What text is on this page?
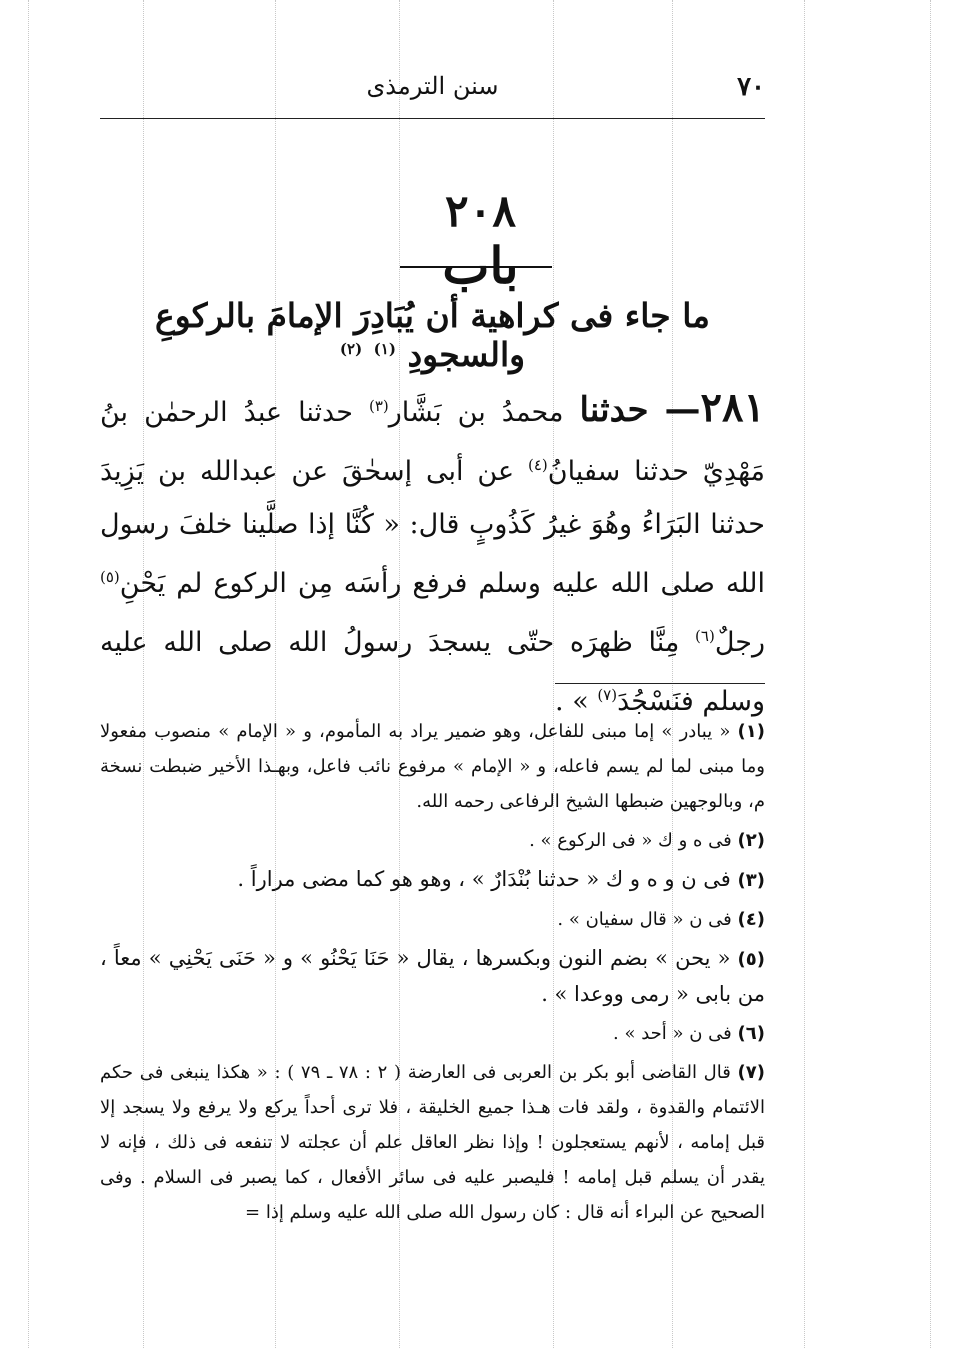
٧٠
سنن الترمذى
٢٠٨
باب
ما جاء فى كراهية أن يُبَادِرَ الإمامَ بالركوعِ والسجودِ $^{(١)}$ $^{(٢)}$
٢٨١— حدثنا محمدُ بن بَشَّار$^{(٣)}$ حدثنا عبدُ الرحمٰن بنُ مَهْدِيّ حدثنا سفيانُ$^{(٤)}$ عن أبى إسحٰقَ عن عبدالله بن يَزِيدَ حدثنا البَرَاءُ وهُوَ غيرُ كَذُوبٍ قال: « كُنَّا إذا صلَّينا خلفَ رسول الله صلى الله عليه وسلم فرفع رأسَه مِن الركوع لم يَحْنِ$^{(٥)}$ رجلٌ$^{(٦)}$ مِنَّا ظهرَه حتّى يسجدَ رسولُ الله صلى الله عليه وسلم فنَسْجُدَ$^{(٧)}$ » .
(١) « يبادر » إما مبنى للفاعل، وهو ضمير يراد به المأموم، و « الإمام » منصوب مفعولا وما مبنى لما لم يسم فاعله، و « الإمام » مرفوع نائب فاعل، وبهـذا الأخير ضبطت نسخة م، وبالوجهين ضبطها الشيخ الرفاعى رحمه الله.
(٢) فى ه و ك « فى الركوع » .
(٣) فى ن و ه و ك « حدثنا بُنْدَارٌ » ، وهو هو كما مضى مراراً .
(٤) فى ن « قال سفيان » .
(٥) « يحن » بضم النون وبكسرها ، يقال « حَنَا يَحْنُو » و « حَنَى يَحْنِي » معاً ، من بابى « رمى ووعدا » .
(٦) فى ن « أحد » .
(٧) قال القاضى أبو بكر بن العربى فى العارضة ( ٢ : ٧٨ ـ ٧٩ ) : « هكذا ينبغى فى حكم الائتمام والقدوة ، ولقد فات هـذا جميع الخليقة ، فلا ترى أحداً يركع ولا يرفع ولا يسجد إلا قبل إمامه ، لأنهم يستعجلون ! وإذا نظر العاقل علم أن عجلته لا تنفعه فى ذلك ، فإنه لا يقدر أن يسلم قبل إمامه ! فليصبر عليه فى سائر الأفعال ، كما يصبر فى السلام . وفى الصحيح عن البراء أنه قال : كان رسول الله صلى الله عليه وسلم إذا =
